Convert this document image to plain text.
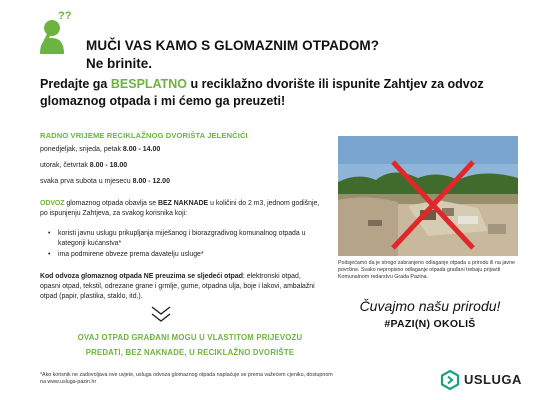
??
MUČI VAS KAMO S GLOMAZNIM OTPADOM?
Ne brinite.
Predajte ga BESPLATNO u reciklažno dvorište ili ispunite Zahtjev za odvoz glomaznog otpada i mi ćemo ga preuzeti!
RADNO VRIJEME RECIKLAŽNOG DVORIŠTA JELENČIĆI
ponedjeljak, srijeda, petak 8.00 - 14.00
utorak, četvrtak 8.00 - 18.00
svaka prva subota u mjesecu 8.00 - 12.00
ODVOZ glomaznog otpada obavlja se BEZ NAKNADE u količini do 2 m3, jednom godišnje, po ispunjenju Zahtjeva, za svakog korisnika koji:
• koristi javnu uslugu prikupljanja miješanog i biorazgradivog komunalnog otpada u kategoriji kućanstva*
• ima podmirene obveze prema davatelju usluge*
Kod odvoza glomaznog otpada NE preuzima se sljedeći otpad: elektronski otpad, opasni otpad, tekstil, odrezane grane i grmlje, gume, otpadna ulja, boje i lakovi, ambalažni otpad (papir, plastika, staklo, itd.).
OVAJ OTPAD GRAĐANI MOGU U VLASTITOM PRIJEVOZU
PREDATI, BEZ NAKNADE, U RECIKLAŽNO DVORIŠTE
*Ako korisnik ne zadovoljava ove uvjete, usluga odvoza glomaznog otpada naplaćuje se prema važećem cjeniku, dostupnom na www.usluga-pazin.hr
Podsjećamo da je strogo zabranjeno odlaganje otpada u prirodu ili na javne površine. Svako nepropisno odlaganje otpada građani trebaju prijaviti Komunalnom redarstvu Grada Pazina.
Čuvajmo našu prirodu!
#PAZI(N) OKOLIŠ
USLUGA
